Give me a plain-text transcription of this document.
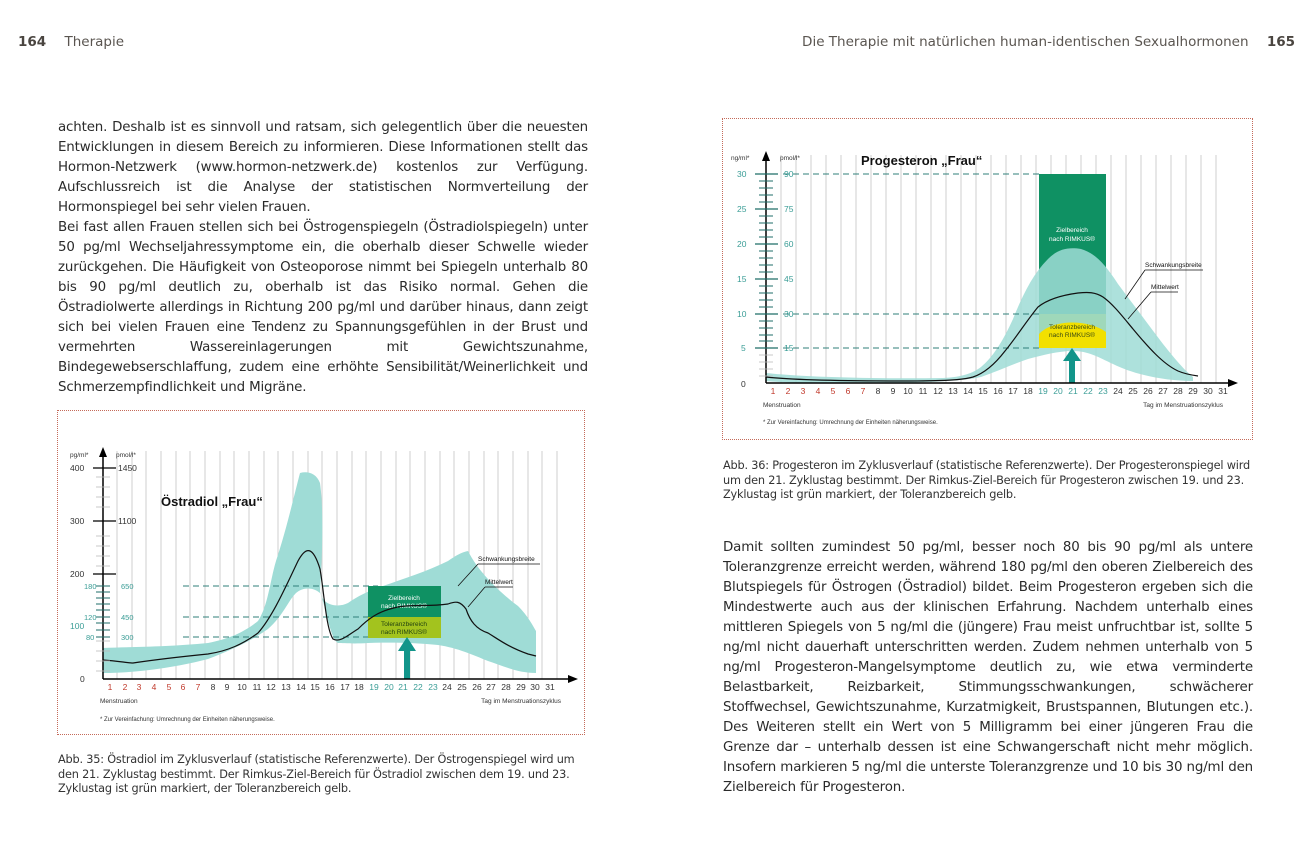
164 Therapie	Die Therapie mit natürlichen human-identischen Sexualhormonen 165

achten. Deshalb ist es sinnvoll und ratsam, sich gelegentlich über die neuesten Entwicklungen in diesem Bereich zu informieren. Diese Informationen stellt das Hormon-Netzwerk (www.hormon-netzwerk.de) kostenlos zur Verfügung. Aufschlussreich ist die Analyse der statistischen Normverteilung der Hormonspiegel bei sehr vielen Frauen.

Bei fast allen Frauen stellen sich bei Östrogenspiegeln (Östradiolspiegeln) unter 50 pg/ml Wechseljahressymptome ein, die oberhalb dieser Schwelle wieder zurückgehen. Die Häufigkeit von Osteoporose nimmt bei Spiegeln unterhalb 80 bis 90 pg/ml deutlich zu, oberhalb ist das Risiko normal. Gehen die Östradiolwerte allerdings in Richtung 200 pg/ml und darüber hinaus, dann zeigt sich bei vielen Frauen eine Tendenz zu Spannungsgefühlen in der Brust und vermehrten Wassereinlagerungen mit Gewichtszunahme, Bindegewebserschlaffung, zudem eine erhöhte Sensibilität/Weinerlichkeit und Schmerzempfindlichkeit und Migräne.

Zielbereich
nach RIMKUS®
Toleranzbereich
nach RIMKUS®
pg/ml*	pmol/l*
400
300
200
0
1450
1100
180
120
100
80
650
450
300
Östradiol „Frau“
1 2 3 4 5 6 7 8 9 10 11 12 13 14 15 16 17 18 19 20 21 22 23 24 25 26 27 28 29 30 31
Menstruation	Tag im Menstruationszyklus
* Zur Vereinfachung: Umrechnung der Einheiten näherungsweise.
Schwankungsbreite
Mittelwert
Abb. 35: Östradiol im Zyklusverlauf (statistische Referenzwerte). Der Östrogenspiegel wird um den 21. Zyklustag bestimmt. Der Rimkus-Ziel-Bereich für Östradiol zwischen dem 19. und 23. Zyklustag ist grün markiert, der Toleranzbereich gelb.
Zielbereich
nach RIMKUS®
Toleranzbereich
nach RIMKUS®
ng/ml*	pmol/l*
30
25
20
15
10
5
90
75
60
45
30
15
0
Progesteron „Frau“
1 2 3 4 5 6 7 8 9 10 11 12 13 14 15 16 17 18 19 20 21 22 23 24 25 26 27 28 29 30 31
Menstruation	Tag im Menstruationszyklus
* Zur Vereinfachung: Umrechnung der Einheiten näherungsweise.
Schwankungsbreite
Mittelwert
Abb. 36: Progesteron im Zyklusverlauf (statistische Referenzwerte). Der Progesteronspiegel wird um den 21. Zyklustag bestimmt. Der Rimkus-Ziel-Bereich für Progesteron zwischen 19. und 23. Zyklustag ist grün markiert, der Toleranzbereich gelb.

Damit sollten zumindest 50 pg/ml, besser noch 80 bis 90 pg/ml als untere Toleranzgrenze erreicht werden, während 180 pg/ml den oberen Zielbereich des Blutspiegels für Östrogen (Östradiol) bildet. Beim Progesteron ergeben sich die Mindestwerte auch aus der klinischen Erfahrung. Nachdem unterhalb eines mittleren Spiegels von 5 ng/ml die (jüngere) Frau meist unfruchtbar ist, sollte 5 ng/ml nicht dauerhaft unterschritten werden. Zudem nehmen unterhalb von 5 ng/ml Progesteron-Mangelsymptome deutlich zu, wie etwa verminderte Belastbarkeit, Reizbarkeit, Stimmungsschwankungen, schwächerer Stoffwechsel, Gewichtszunahme, Kurzatmigkeit, Brustspannen, Blutungen etc.). Des Weiteren stellt ein Wert von 5 Milligramm bei einer jüngeren Frau die Grenze dar – unterhalb dessen ist eine Schwangerschaft nicht mehr möglich. Insofern markieren 5 ng/ml die unterste Toleranzgrenze und 10 bis 30 ng/ml den Zielbereich für Progesteron.
